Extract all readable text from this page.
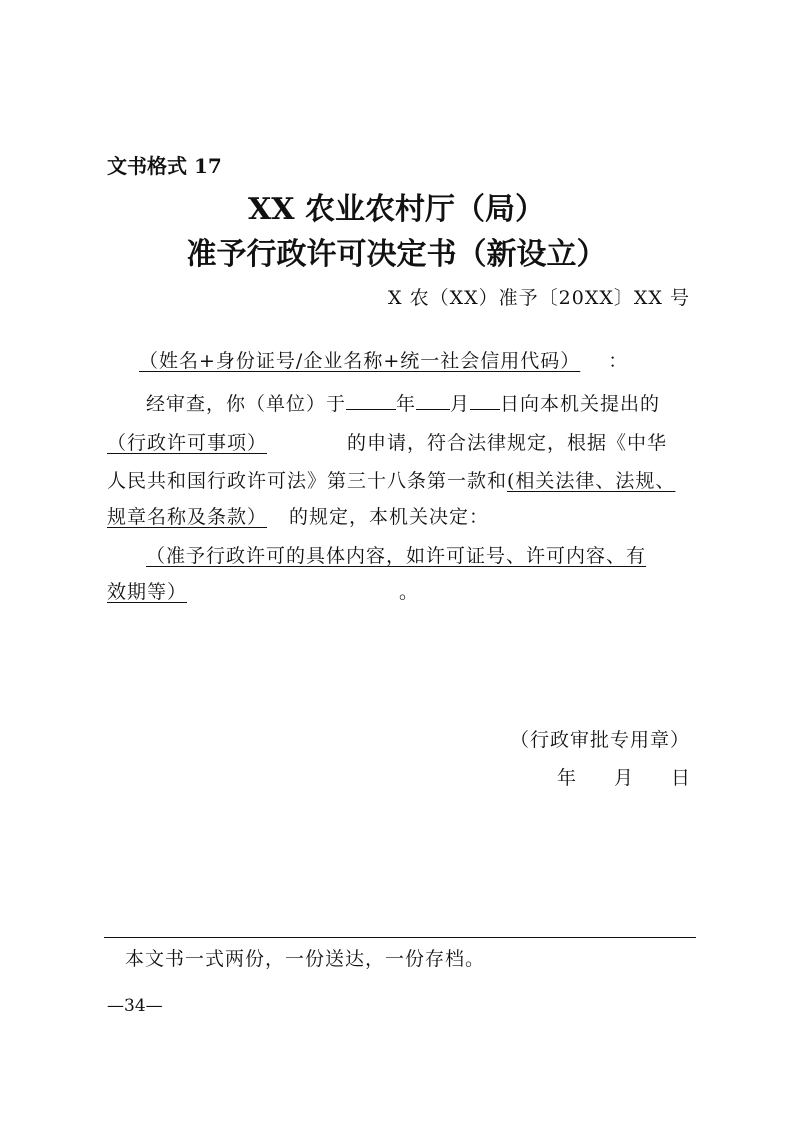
文书格式 17
XX 农业农村厅（局）
准予行政许可决定书（新设立）
X 农（XX）准予〔20XX〕XX 号
（姓名+身份证号/企业名称+统一社会信用代码） ：
经审查，你（单位）于	年 月 日向本机关提出的
（行政许可事项）	的申请，符合法律规定，根据《中华
人民共和国行政许可法》第三十八条第一款和(相关法律、法规、
规章名称及条款） 的规定，本机关决定：
（准予行政许可的具体内容，如许可证号、许可内容、有
效期等）	。
（行政审批专用章）
年 月 日
本文书一式两份，一份送达，一份存档。
—34—
